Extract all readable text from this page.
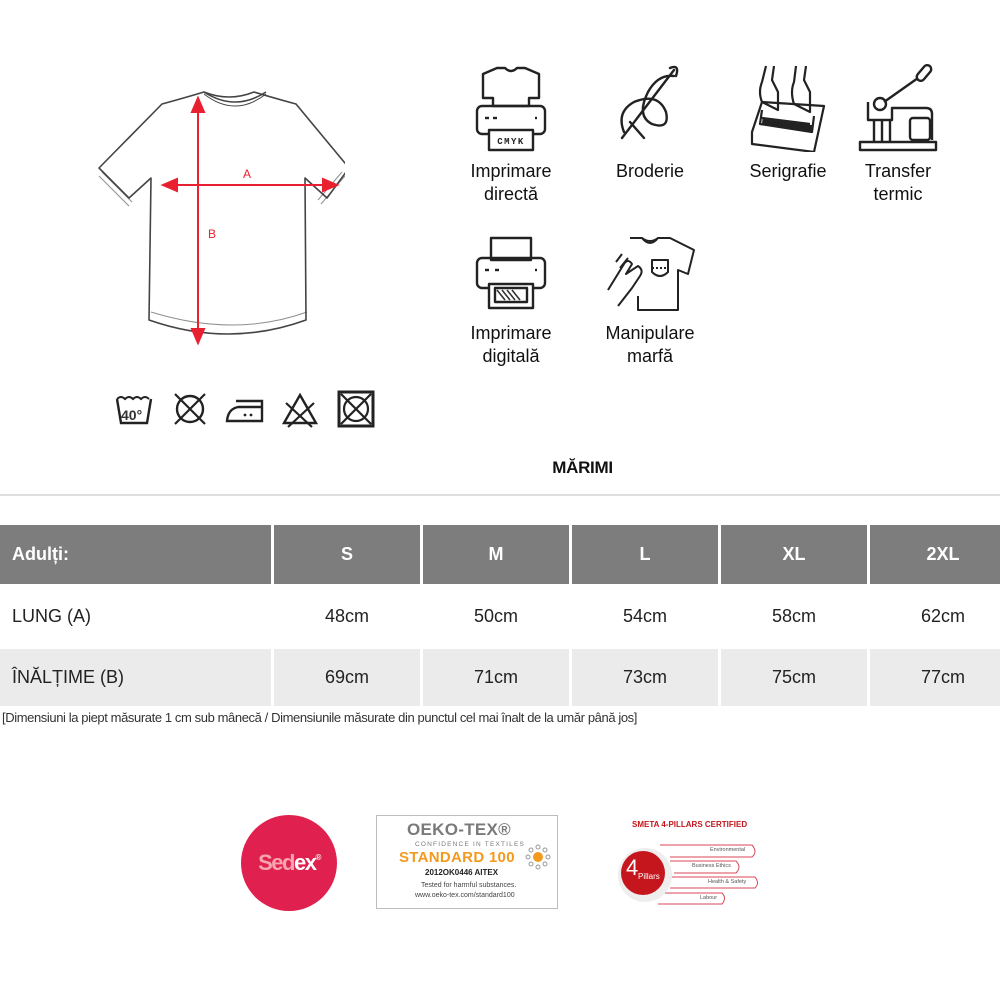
A
B
40°
CMYK
Imprimare
directă
Broderie	Serigrafie	Transfer
termic
Imprimare
digitală
Manipulare
marfă
MĂRIMI
Adulți:	S	M	L	XL	2XL
LUNG (A)	48cm	50cm	54cm	58cm	62cm
ÎNĂLȚIME (B)	69cm	71cm	73cm	75cm	77cm
[Dimensiuni la piept măsurate 1 cm sub mânecă / Dimensiunile măsurate din punctul cel mai înalt de la umăr până jos]
Sed ex ®
OEKO-TEX®
CONFIDENCE IN TEXTILES
STANDARD 100
2012OK0446 AITEX
Tested for harmful substances.
www.oeko-tex.com/standard100
SMETA 4-PILLARS CERTIFIED
4 Pillars
Environmental
Business Ethics
Health & Safety
Labour
